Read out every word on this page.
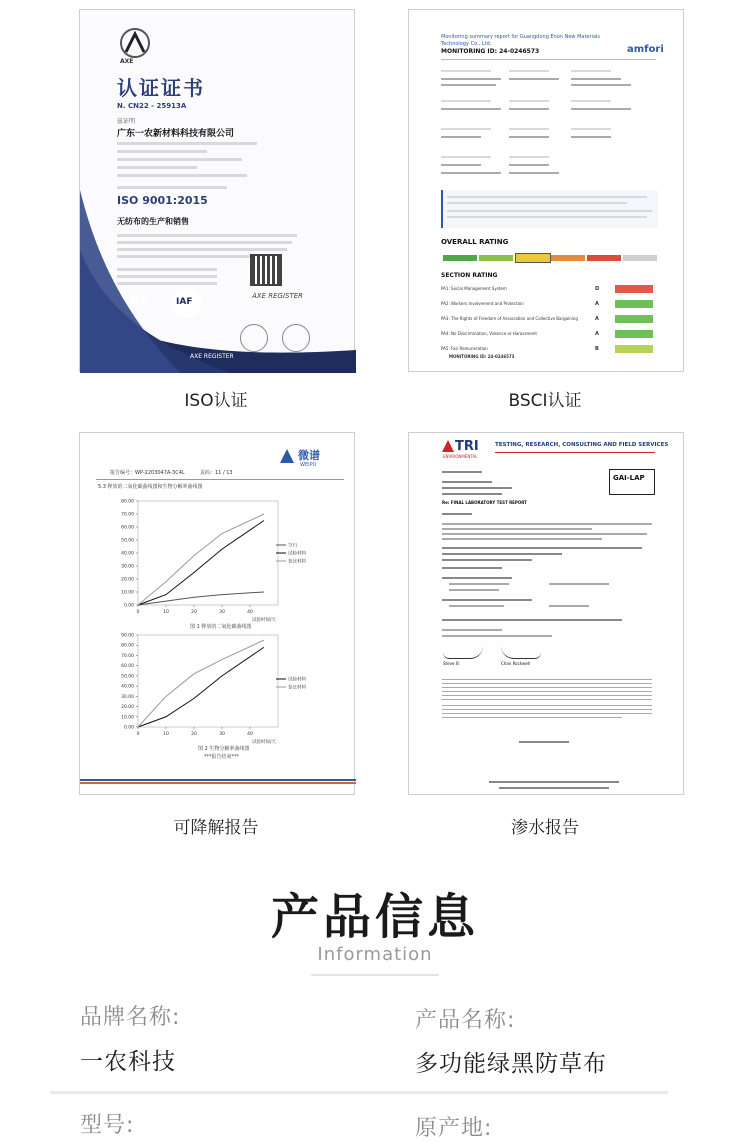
AXE
认证证书
N. CN22 - 25913A
兹证明
广东一农新材料科技有限公司
ISO 9001:2015
无纺布的生产和销售
AXE REGISTER
DA	IAF
AXE REGISTER
ISO认证
Monitoring summary report for Guangdong Enon New Materials Technology Co., Ltd.
MONITORING ID: 24-0246573	amfori
OVERALL RATING
SECTION RATING
MONITORING ID: 24-0246573
PA1: Social Management System	D
PA2: Workers Involvement and Protection	A
PA3: The Rights of Freedom of Association and Collective Bargaining	A
PA4: No Discrimination, Violence or Harassment	A
PA5: Fair Remuneration	B
BSCI认证
报告编号：WP-2203047A-3C4L	页码：11 / 13
微谱
WEIPU
5.3 释放的二氧化碳曲线图和生物分解率曲线图
0.00
10.00
20.00
30.00
40.00
50.00
60.00
70.00
80.00
0	10	20	30	40
空白
试验材料
参比材料
试验时间/天
图 1 释放的二氧化碳曲线图
0.00
10.00
20.00
30.00
40.00
50.00
60.00
70.00
80.00
90.00
0	10	20	30	40
试验材料
参比材料
试验时间/天
图 2 生物分解率曲线图
***报告结束***
可降解报告
TRI
ENVIRONMENTAL
TESTING, RESEARCH, CONSULTING AND FIELD SERVICES
GAI-LAP
Re: FINAL LABORATORY TEST REPORT
Steve Xi	Chan Rockwell
渗水报告
产品信息
Information
品牌名称:
一农科技
产品名称:
多功能绿黑防草布
型号:	原产地:
